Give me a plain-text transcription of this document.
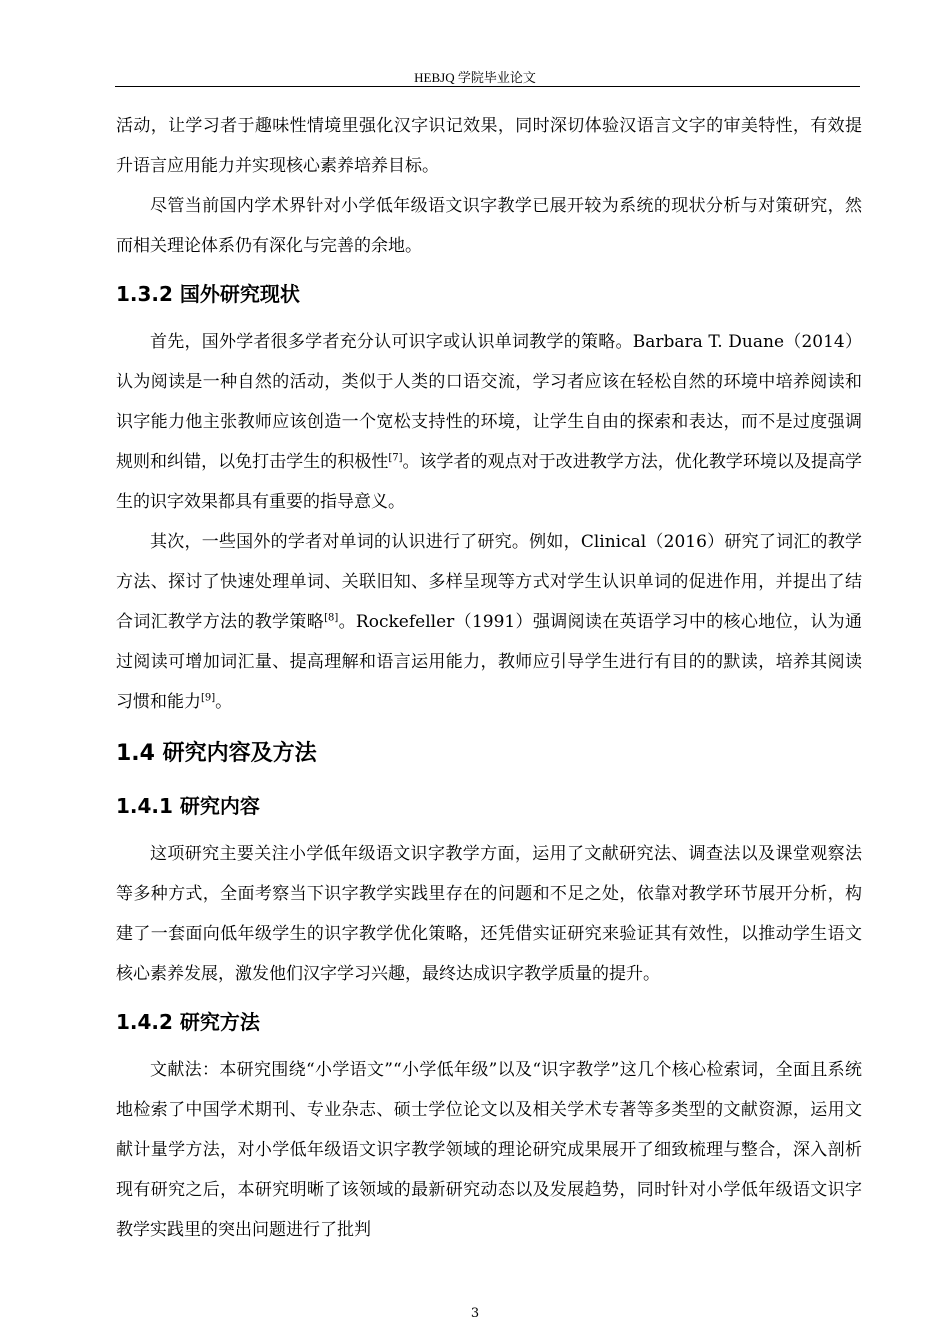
HEBJQ 学院毕业论文

活动，让学习者于趣味性情境里强化汉字识记效果，同时深切体验汉语言文字的审美特性，有效提升语言应用能力并实现核心素养培养目标。

尽管当前国内学术界针对小学低年级语文识字教学已展开较为系统的现状分析与对策研究，然而相关理论体系仍有深化与完善的余地。

1.3.2 国外研究现状

首先，国外学者很多学者充分认可识字或认识单词教学的策略。Barbara T. Duane（2014）认为阅读是一种自然的活动，类似于人类的口语交流，学习者应该在轻松自然的环境中培养阅读和识字能力他主张教师应该创造一个宽松支持性的环境，让学生自由的探索和表达，而不是过度强调规则和纠错，以免打击学生的积极性[7]。该学者的观点对于改进教学方法，优化教学环境以及提高学生的识字效果都具有重要的指导意义。

其次，一些国外的学者对单词的认识进行了研究。例如，Clinical（2016）研究了词汇的教学方法、探讨了快速处理单词、关联旧知、多样呈现等方式对学生认识单词的促进作用，并提出了结合词汇教学方法的教学策略[8]。Rockefeller（1991）强调阅读在英语学习中的核心地位，认为通过阅读可增加词汇量、提高理解和语言运用能力，教师应引导学生进行有目的的默读，培养其阅读习惯和能力[9]。

1.4 研究内容及方法
1.4.1 研究内容

这项研究主要关注小学低年级语文识字教学方面，运用了文献研究法、调查法以及课堂观察法等多种方式，全面考察当下识字教学实践里存在的问题和不足之处，依靠对教学环节展开分析，构建了一套面向低年级学生的识字教学优化策略，还凭借实证研究来验证其有效性，以推动学生语文核心素养发展，激发他们汉字学习兴趣，最终达成识字教学质量的提升。

1.4.2 研究方法

文献法：本研究围绕“小学语文”“小学低年级”以及“识字教学”这几个核心检索词，全面且系统地检索了中国学术期刊、专业杂志、硕士学位论文以及相关学术专著等多类型的文献资源，运用文献计量学方法，对小学低年级语文识字教学领域的理论研究成果展开了细致梳理与整合，深入剖析现有研究之后，本研究明晰了该领域的最新研究动态以及发展趋势，同时针对小学低年级语文识字教学实践里的突出问题进行了批判

3
